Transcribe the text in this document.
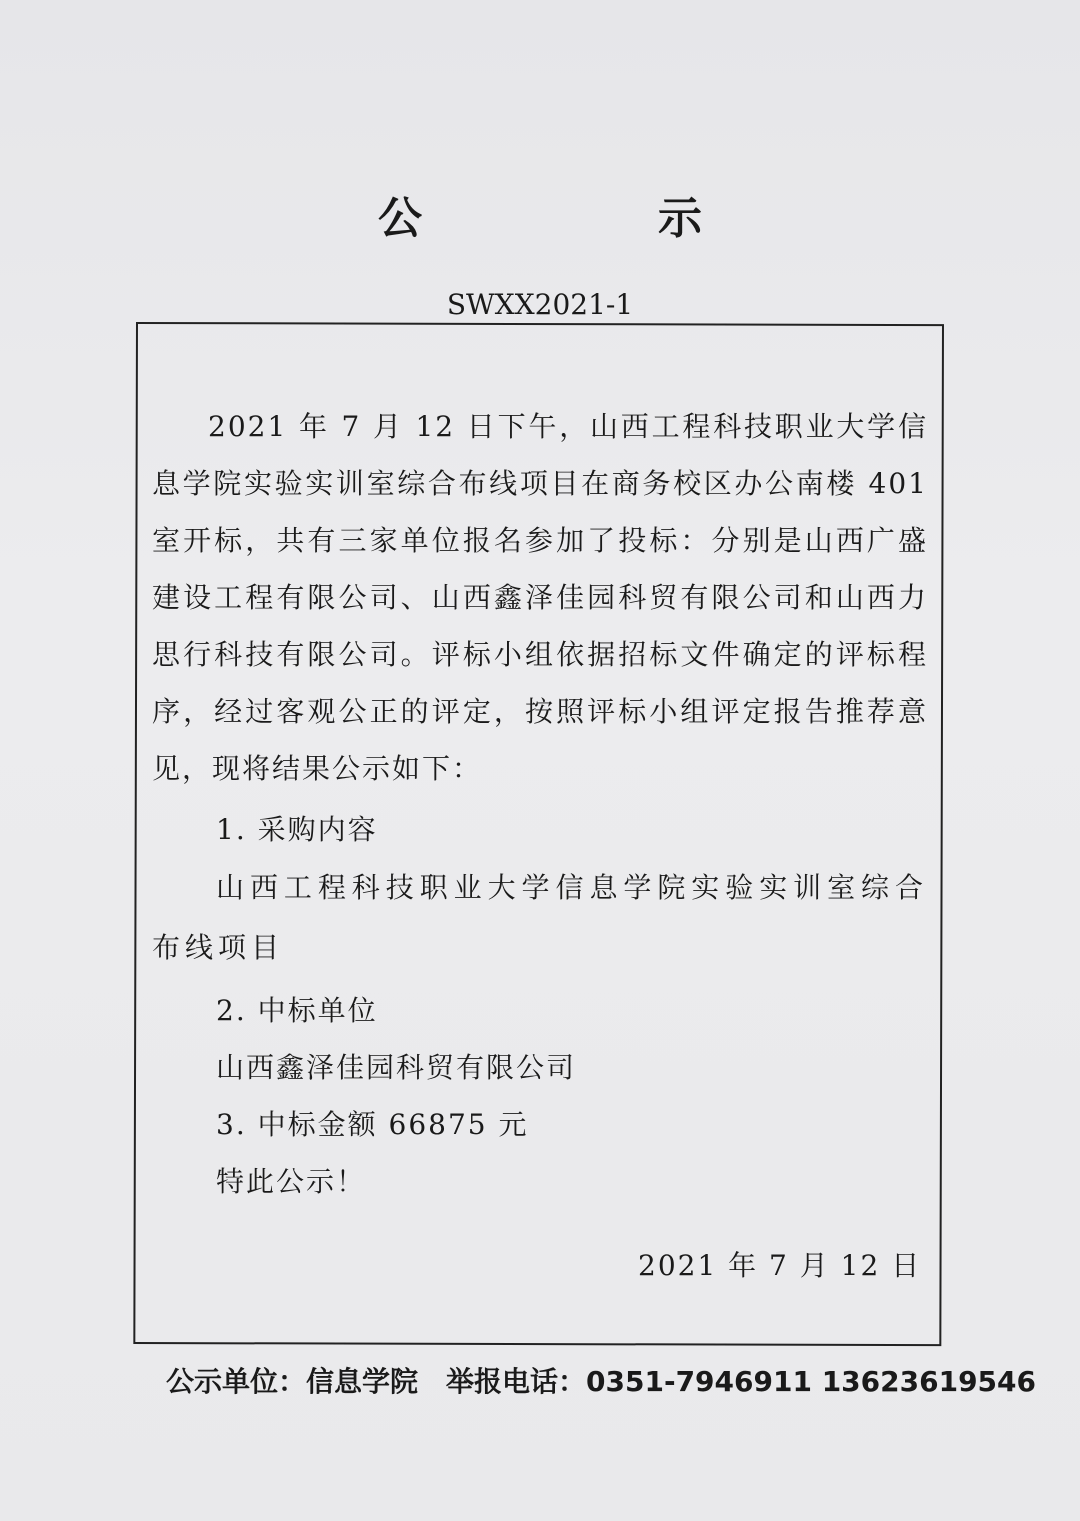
公　示
SWXX2021-1

2021 年 7 月 12 日下午，山西工程科技职业大学信息学院实验实训室综合布线项目在商务校区办公南楼 401 室开标，共有三家单位报名参加了投标：分别是山西广盛建设工程有限公司、山西鑫泽佳园科贸有限公司和山西力思行科技有限公司。评标小组依据招标文件确定的评标程序，经过客观公正的评定，按照评标小组评定报告推荐意见，现将结果公示如下：

1. 采购内容

山西工程科技职业大学信息学院实验实训室综合布线项目

2. 中标单位

山西鑫泽佳园科贸有限公司

3. 中标金额 66875 元

特此公示！

2021 年 7 月 12 日
公示单位：信息学院 举报电话：0351-7946911 13623619546
